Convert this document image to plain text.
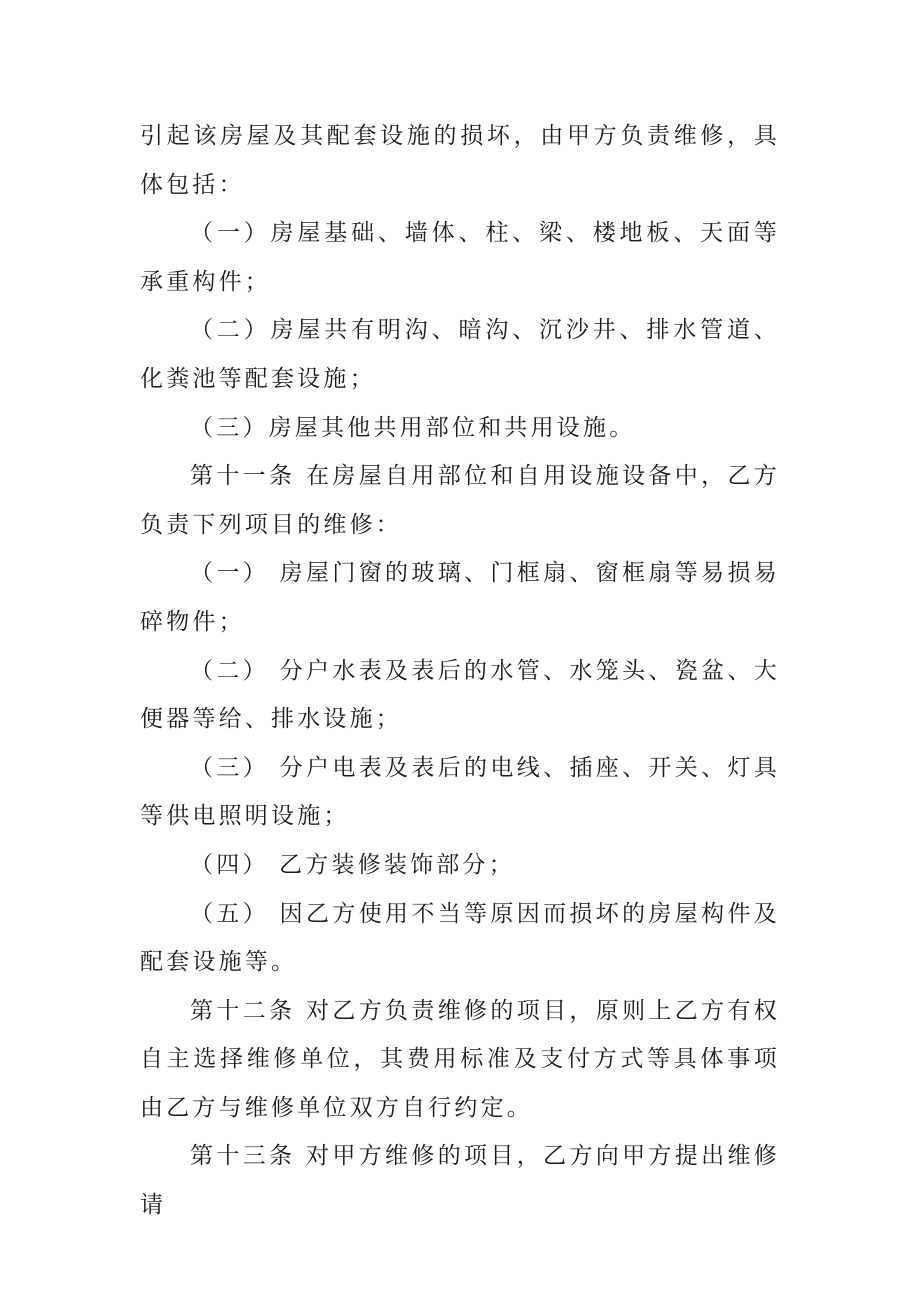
引起该房屋及其配套设施的损坏，由甲方负责维修，具体包括：

（一）房屋基础、墙体、柱、梁、楼地板、天面等承重构件；

（二）房屋共有明沟、暗沟、沉沙井、排水管道、化粪池等配套设施；

（三）房屋其他共用部位和共用设施。

第十一条 在房屋自用部位和自用设施设备中，乙方负责下列项目的维修：

（一） 房屋门窗的玻璃、门框扇、窗框扇等易损易碎物件；

（二） 分户水表及表后的水管、水笼头、瓷盆、大便器等给、排水设施；

（三） 分户电表及表后的电线、插座、开关、灯具等供电照明设施；

（四） 乙方装修装饰部分；

（五） 因乙方使用不当等原因而损坏的房屋构件及配套设施等。

第十二条 对乙方负责维修的项目，原则上乙方有权自主选择维修单位，其费用标准及支付方式等具体事项由乙方与维修单位双方自行约定。

第十三条 对甲方维修的项目，乙方向甲方提出维修请
